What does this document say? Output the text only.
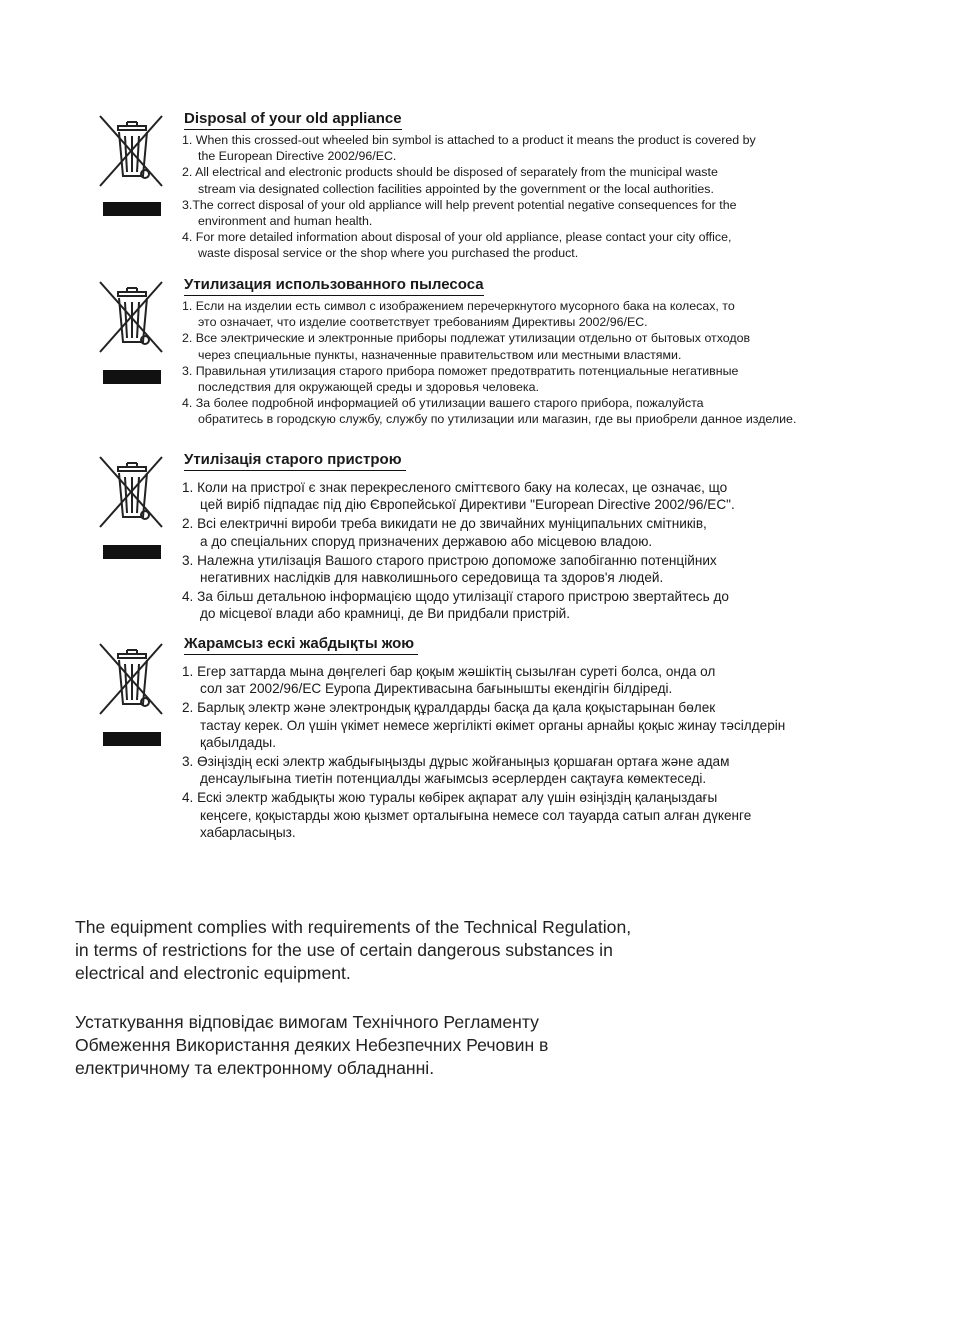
Disposal of your old appliance
1. When this crossed-out wheeled bin symbol is attached to a product it means the product is covered by
the European Directive 2002/96/EC.
2. All electrical and electronic products should be disposed of separately from the municipal waste
stream via designated collection facilities appointed by the government or the local authorities.
3.The correct disposal of your old appliance will help prevent potential negative consequences for the
environment and human health.
4. For more detailed information about disposal of your old appliance, please contact your city office,
waste disposal service or the shop where you purchased the product.
Утилизация использованного пылесоса
1. Если на изделии есть символ с изображением перечеркнутого мусорного бака на колесах, то
это означает, что изделие соответствует требованиям Директивы 2002/96/EC.
2. Все электрические и электронные приборы подлежат утилизации отдельно от бытовых отходов
через специальные пункты, назначенные правительством или местными властями.
3. Правильная утилизация старого прибора поможет предотвратить потенциальные негативные
последствия для окружающей среды и здоровья человека.
4. За более подробной информацией об утилизации вашего старого прибора, пожалуйста
обратитесь в городскую службу, службу по утилизации или магазин, где вы приобрели данное изделие.
Утилізація старого пристрою
1. Коли на пристрої є знак перекресленого сміттєвого баку на колесах, це означає, що
цей виріб підпадає під дію Європейської Директиви "European Directive 2002/96/EC".
2. Всі електричні вироби треба викидати не до звичайних муніципальних смітників,
а до спеціальних споруд призначених державою або місцевою владою.
3. Належна утилізація Вашого старого пристрою допоможе запобіганню потенційних
негативних наслідків для навколишнього середовища та здоров'я людей.
4. За більш детальною інформацією щодо утилізації старого пристрою звертайтесь до
до місцевої влади або крамниці, де Ви придбали пристрій.
Жарамсыз ескі жабдықты жою
1. Егер заттарда мына дөңгелегі бар қоқым жәшіктің сызылған суреті болса, онда ол
сол зат 2002/96/EC Еуропа Директивасына бағынышты екендігін білдіреді.
2. Барлық электр және электрондық құралдарды басқа да қала қоқыстарынан бөлек
тастау керек. Ол үшін үкімет немесе жергілікті өкімет органы арнайы қоқыс жинау тәсілдерін қабылдады.
3. Өзіңіздің ескі электр жабдығыңызды дұрыс жойғаныңыз қоршаған ортаға және адам
денсаулығына тиетін потенциалды жағымсыз әсерлерден сақтауға көмектеседі.
4. Ескі электр жабдықты жою туралы көбірек ақпарат алу үшін өзіңіздің қалаңыздағы
кеңсеге, қоқыстарды жою қызмет орталығына немесе сол тауарда сатып алған дүкенге хабарласыңыз.

The equipment complies with requirements of the Technical Regulation,

in terms of restrictions for the use of certain dangerous substances in

electrical and electronic equipment.

Устаткування відповідає вимогам Технічного Регламенту

Обмеження Використання деяких Небезпечних Речовин в

електричному та електронному обладнанні.
